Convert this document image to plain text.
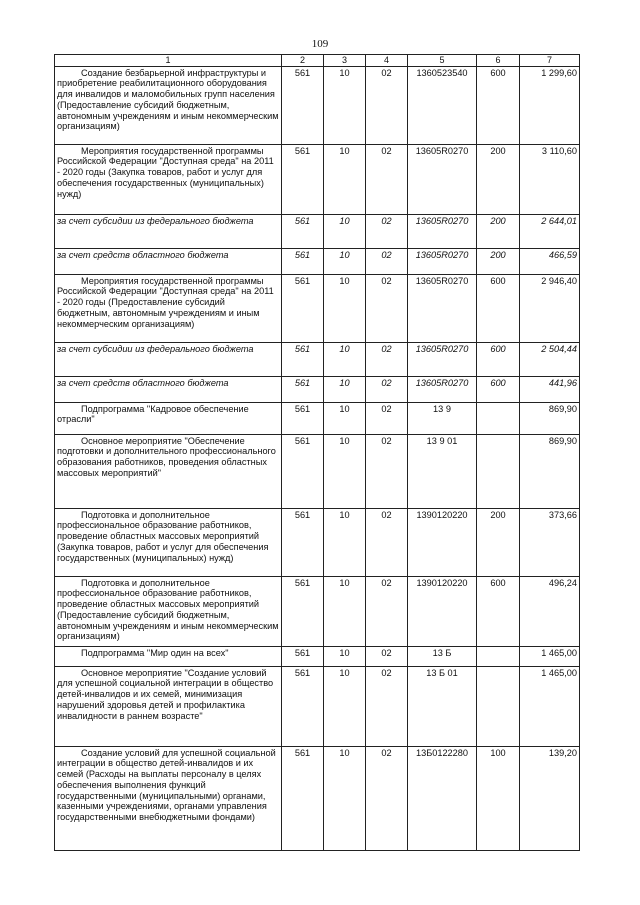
109
1	2	3	4	5	6	7
Создание безбарьерной инфраструктуры и приобретение реабилитационного оборудования для инвалидов и маломобильных групп населения (Предоставление субсидий бюджетным, автономным учреждениям и иным некоммерческим организациям)	561	10	02	1360523540	600	1 299,60
Мероприятия государственной программы Российской Федерации "Доступная среда" на 2011 - 2020 годы (Закупка товаров, работ и услуг для обеспечения государственных (муниципальных) нужд)	561	10	02	13605R0270	200	3 110,60
за счет субсидии из федерального бюджета	561	10	02	13605R0270	200	2 644,01
за счет средств областного бюджета	561	10	02	13605R0270	200	466,59
Мероприятия государственной программы Российской Федерации "Доступная среда" на 2011 - 2020 годы (Предоставление субсидий бюджетным, автономным учреждениям и иным некоммерческим организациям)	561	10	02	13605R0270	600	2 946,40
за счет субсидии из федерального бюджета	561	10	02	13605R0270	600	2 504,44
за счет средств областного бюджета	561	10	02	13605R0270	600	441,96
Подпрограмма "Кадровое обеспечение отрасли"	561	10	02	13 9		869,90
Основное мероприятие "Обеспечение подготовки и дополнительного профессионального образования работников, проведения областных массовых мероприятий"	561	10	02	13 9 01		869,90
Подготовка и дополнительное профессиональное образование работников, проведение областных массовых мероприятий (Закупка товаров, работ и услуг для обеспечения государственных (муниципальных) нужд)	561	10	02	1390120220	200	373,66
Подготовка и дополнительное профессиональное образование работников, проведение областных массовых мероприятий (Предоставление субсидий бюджетным, автономным учреждениям и иным некоммерческим организациям)	561	10	02	1390120220	600	496,24
Подпрограмма "Мир один на всех"	561	10	02	13 Б		1 465,00
Основное мероприятие "Создание условий для успешной социальной интеграции в общество детей-инвалидов и их семей, минимизация нарушений здоровья детей и профилактика инвалидности в раннем возрасте"	561	10	02	13 Б 01		1 465,00
Создание условий для успешной социальной интеграции в общество детей-инвалидов и их семей (Расходы на выплаты персоналу в целях обеспечения выполнения функций государственными (муниципальными) органами, казенными учреждениями, органами управления государственными внебюджетными фондами)	561	10	02	13Б0122280	100	139,20
